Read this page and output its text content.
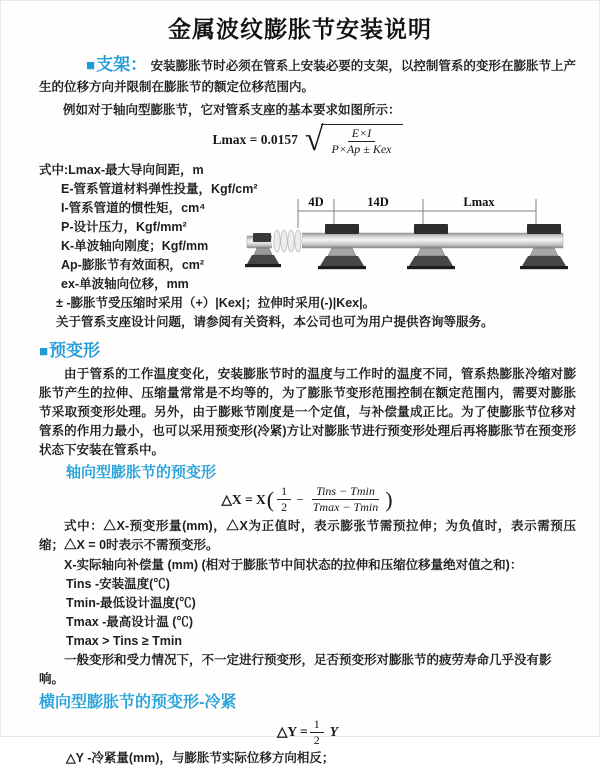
金属波纹膨胀节安装说明

■支架： 安装膨胀节时必须在管系上安装必要的支架，以控制管系的变形在膨胀节上产生的位移方向并限制在膨胀节的额定位移范围内。

例如对于轴向型膨胀节，它对管系支座的基本要求如图所示：

Lmax = 0.0157 √ $\frac{E\times I}{\text{P×Ap ± Kex}}$
式中:Lmax-最大导向间距，m
E-管系管道材料弹性投量，Kgf/cm²
I-管系管道的惯性矩，cm⁴
P-设计压力，Kgf/mm²
K-单波轴向刚度；Kgf/mm
Ap-膨胀节有效面积，cm²
ex-单波轴向位移，mm
4D	14D	Lmax

± -膨胀节受压缩时采用（+）|Kex|；拉伸时采用(-)|Kex|。

关于管系支座设计问题，请参阅有关资料，本公司也可为用户提供咨询等服务。

■预变形

由于管系的工作温度变化，安装膨胀节时的温度与工作时的温度不同，管系热膨胀冷缩对膨胀节产生的拉伸、压缩量常常是不均等的，为了膨胀节变形范围控制在额定范围内，需要对膨胀节采取预变形处理。另外，由于膨账节刚度是一个定值，与补偿量成正比。为了使膨胀节位移对管系的作用力最小，也可以采用预变形(冷紧)方让对膨胀节进行预变形处理后再将膨胀节在预变形状态下安装在管系中。

轴向型膨胀节的预变形
△X = X ( $\frac{1}{2} - \frac{\text{Tins − Tmin}}{Tmax - Tmin}$ )

式中：△X-预变形量(mm)，△X为正值时，表示膨张节需预拉伸；为负值时，表示需预压缩；△X = 0时表示不需预变形。

X-实际轴向补偿量 (mm) (相对于膨胀节中间状态的拉伸和压缩位移量绝对值之和)：

Tins -安装温度(℃)
Tmin-最低设计温度(℃)
Tmax -最高设计温 (℃)
Tmax > Tins ≥ Tmin

一般变形和受力情况下，不一定进行预变形，足否预变形对膨胀节的疲劳寿命几乎没有影响。

横向型膨胀节的预变形-冷紧
△Y = $\frac{1}{2}$ Y

△Y -冷紧量(mm)，与膨胀节实际位移方向相反；
